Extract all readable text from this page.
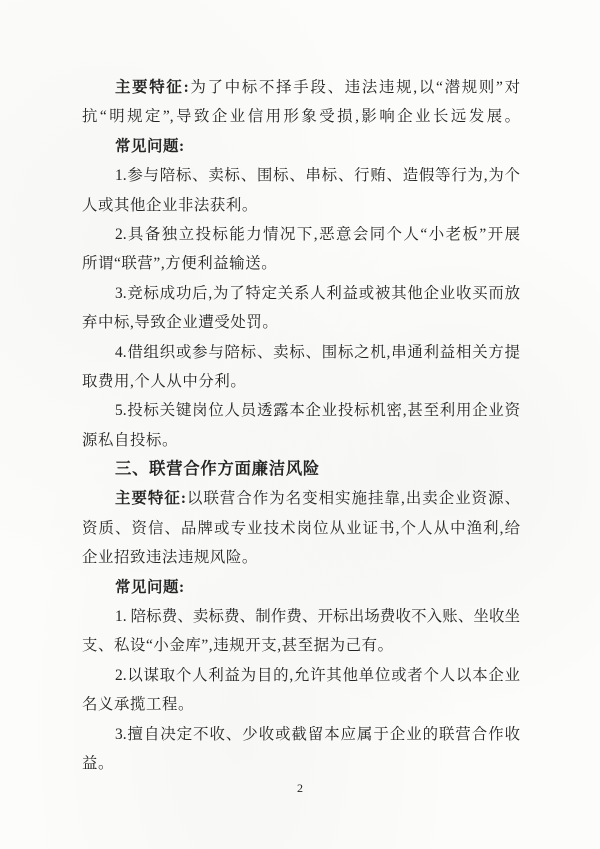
主要特征:为了中标不择手段、违法违规,以“潜规则”对
抗“明规定”,导致企业信用形象受损,影响企业长远发展。
常见问题:
1.参与陪标、卖标、围标、串标、行贿、造假等行为,为个
人或其他企业非法获利。
2.具备独立投标能力情况下,恶意会同个人“小老板”开展
所谓“联营”,方便利益输送。
3.竞标成功后,为了特定关系人利益或被其他企业收买而放
弃中标,导致企业遭受处罚。
4.借组织或参与陪标、卖标、围标之机,串通利益相关方提
取费用,个人从中分利。
5.投标关键岗位人员透露本企业投标机密,甚至利用企业资
源私自投标。
三、联营合作方面廉洁风险
主要特征:以联营合作为名变相实施挂靠,出卖企业资源、
资质、资信、品牌或专业技术岗位从业证书,个人从中渔利,给
企业招致违法违规风险。
常见问题:
1. 陪标费、卖标费、制作费、开标出场费收不入账、坐收坐
支、私设“小金库”,违规开支,甚至据为己有。
2.以谋取个人利益为目的,允许其他单位或者个人以本企业
名义承揽工程。
3.擅自决定不收、少收或截留本应属于企业的联营合作收
益。
2
